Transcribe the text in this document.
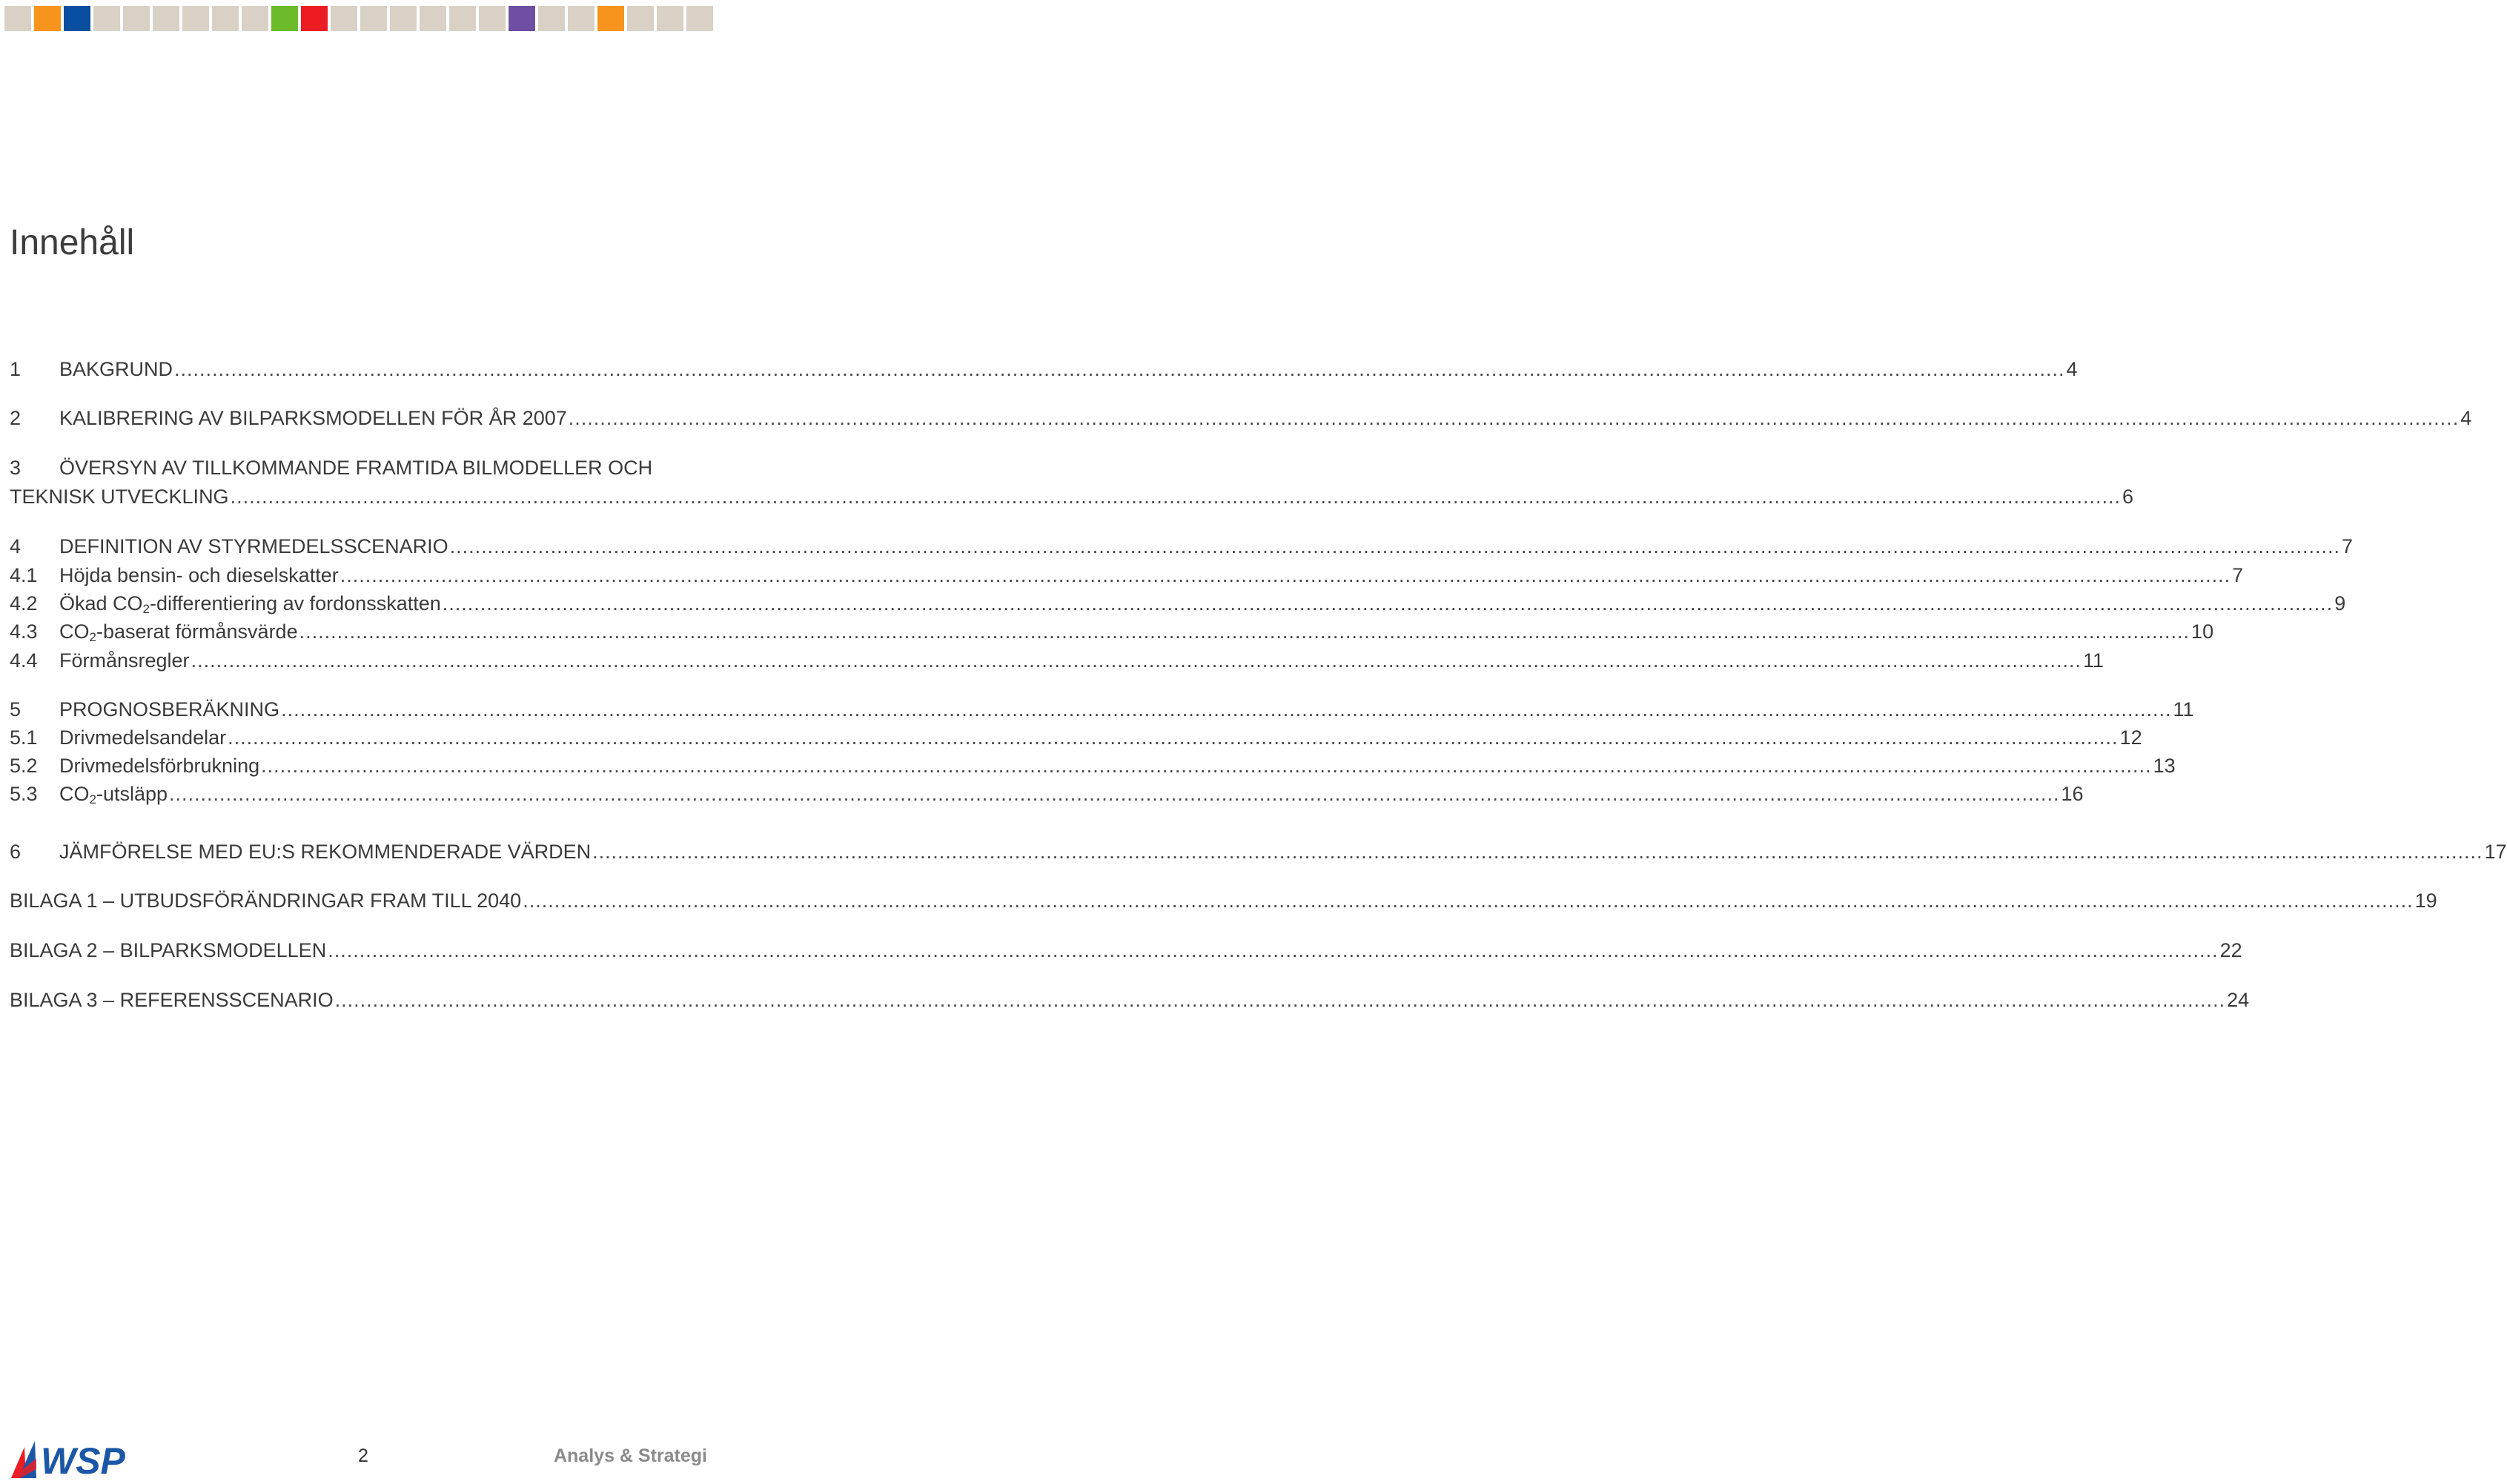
Innehåll
1 BAKGRUND ............................................................................................................................................................................................................................................................................................................ 4
2 KALIBRERING AV BILPARKSMODELLEN FÖR ÅR 2007 ............................................................................................................................................................................................................................................................................................................ 4
3 ÖVERSYN AV TILLKOMMANDE FRAMTIDA BILMODELLER OCH
TEKNISK UTVECKLING ............................................................................................................................................................................................................................................................................................................ 6
4 DEFINITION AV STYRMEDELSSCENARIO ............................................................................................................................................................................................................................................................................................................ 7
4.1 Höjda bensin- och dieselskatter ............................................................................................................................................................................................................................................................................................................ 7
4.2 Ökad $CO_2$-differentiering av fordonsskatten ............................................................................................................................................................................................................................................................................................................ 9
4.3 $CO_2$-baserat förmånsvärde ............................................................................................................................................................................................................................................................................................................ 10
4.4 Förmånsregler ............................................................................................................................................................................................................................................................................................................ 11
5 PROGNOSBERÄKNING ............................................................................................................................................................................................................................................................................................................ 11
5.1 Drivmedelsandelar ............................................................................................................................................................................................................................................................................................................ 12
5.2 Drivmedelsförbrukning ............................................................................................................................................................................................................................................................................................................ 13
5.3 $CO_2$-utsläpp ............................................................................................................................................................................................................................................................................................................ 16
6 JÄMFÖRELSE MED EU:S REKOMMENDERADE VÄRDEN ............................................................................................................................................................................................................................................................................................................ 17
BILAGA 1 – UTBUDSFÖRÄNDRINGAR FRAM TILL 2040 ............................................................................................................................................................................................................................................................................................................ 19
BILAGA 2 – BILPARKSMODELLEN ............................................................................................................................................................................................................................................................................................................ 22
BILAGA 3 – REFERENSSCENARIO ............................................................................................................................................................................................................................................................................................................ 24
WSP	2	Analys & Strategi
